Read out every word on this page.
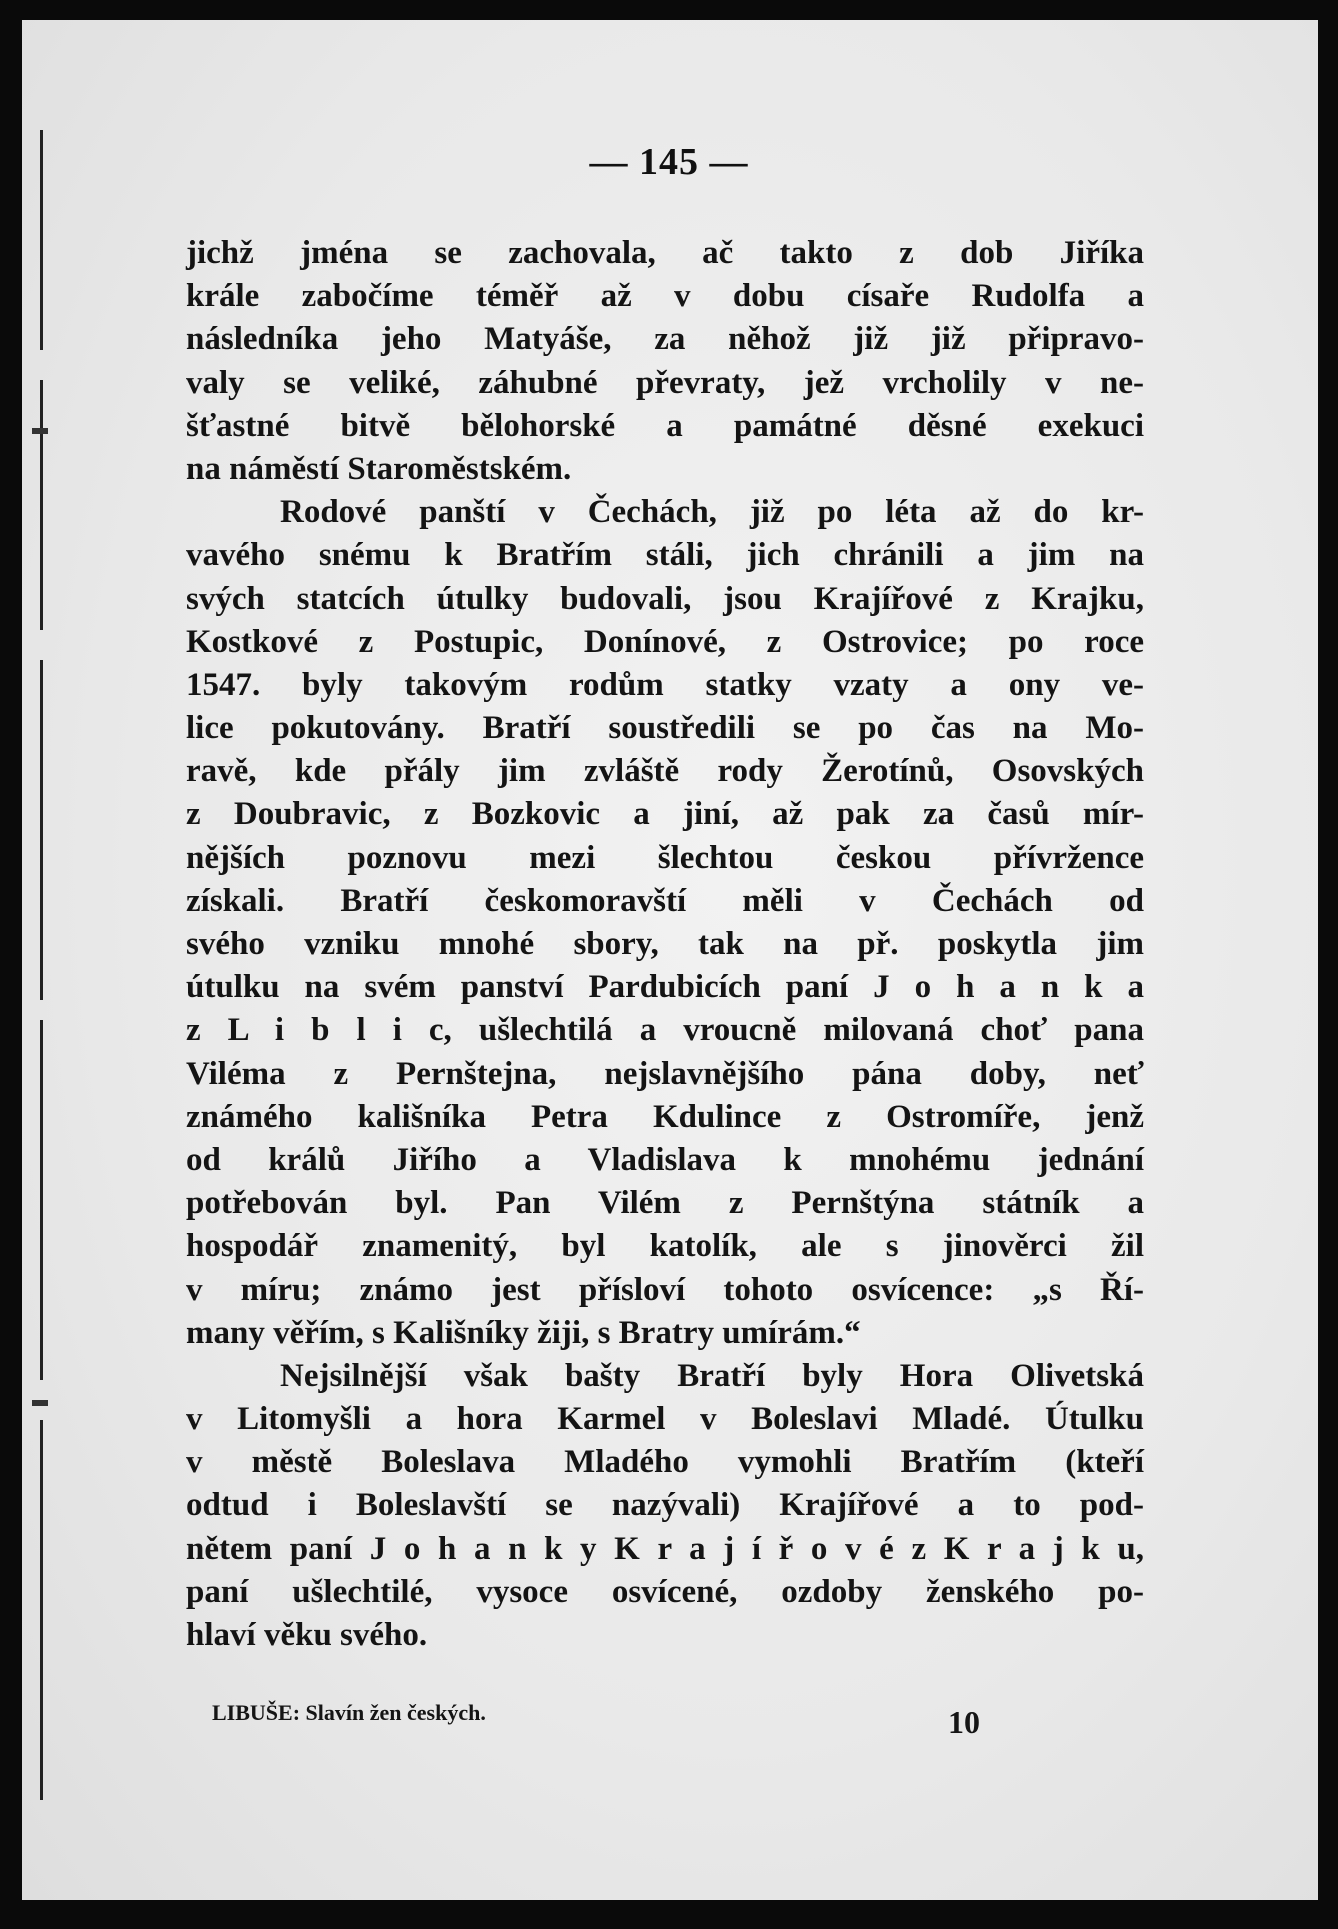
— 145 —
jichž jména se zachovala, ač takto z dob Jiříka
krále zabočíme téměř až v dobu císaře Rudolfa a
následníka jeho Matyáše, za něhož již již připravo-
valy se veliké, záhubné převraty, jež vrcholily v ne-
šťastné bitvě bělohorské a památné děsné exekuci
na náměstí Staroměstském.
Rodové panští v Čechách, již po léta až do kr-
vavého snému k Bratřím stáli, jich chránili a jim na
svých statcích útulky budovali, jsou Krajířové z Krajku,
Kostkové z Postupic, Donínové, z Ostrovice; po roce
1547. byly takovým rodům statky vzaty a ony ve-
lice pokutovány. Bratří soustředili se po čas na Mo-
ravě, kde přály jim zvláště rody Žerotínů, Osovských
z Doubravic, z Bozkovic a jiní, až pak za časů mír-
nějších poznovu mezi šlechtou českou přívržence
získali. Bratří českomoravští měli v Čechách od
svého vzniku mnohé sbory, tak na př. poskytla jim
útulku na svém panství Pardubicích paní J o h a n k a
z L i b l i c, ušlechtilá a vroucně milovaná choť pana
Viléma z Pernštejna, nejslavnějšího pána doby, neť
známého kališníka Petra Kdulince z Ostromíře, jenž
od králů Jiřího a Vladislava k mnohému jednání
potřebován byl. Pan Vilém z Pernštýna státník a
hospodář znamenitý, byl katolík, ale s jinověrci žil
v míru; známo jest přísloví tohoto osvícence: „s Ří-
many věřím, s Kališníky žiji, s Bratry umírám.“
Nejsilnější však bašty Bratří byly Hora Olivetská
v Litomyšli a hora Karmel v Boleslavi Mladé. Útulku
v městě Boleslava Mladého vymohli Bratřím (kteří
odtud i Boleslavští se nazývali) Krajířové a to pod-
nětem paní J o h a n k y K r a j í ř o v é z K r a j k u,
paní ušlechtilé, vysoce osvícené, ozdoby ženského po-
hlaví věku svého.
LIBUŠE: Slavín žen českých.	10
